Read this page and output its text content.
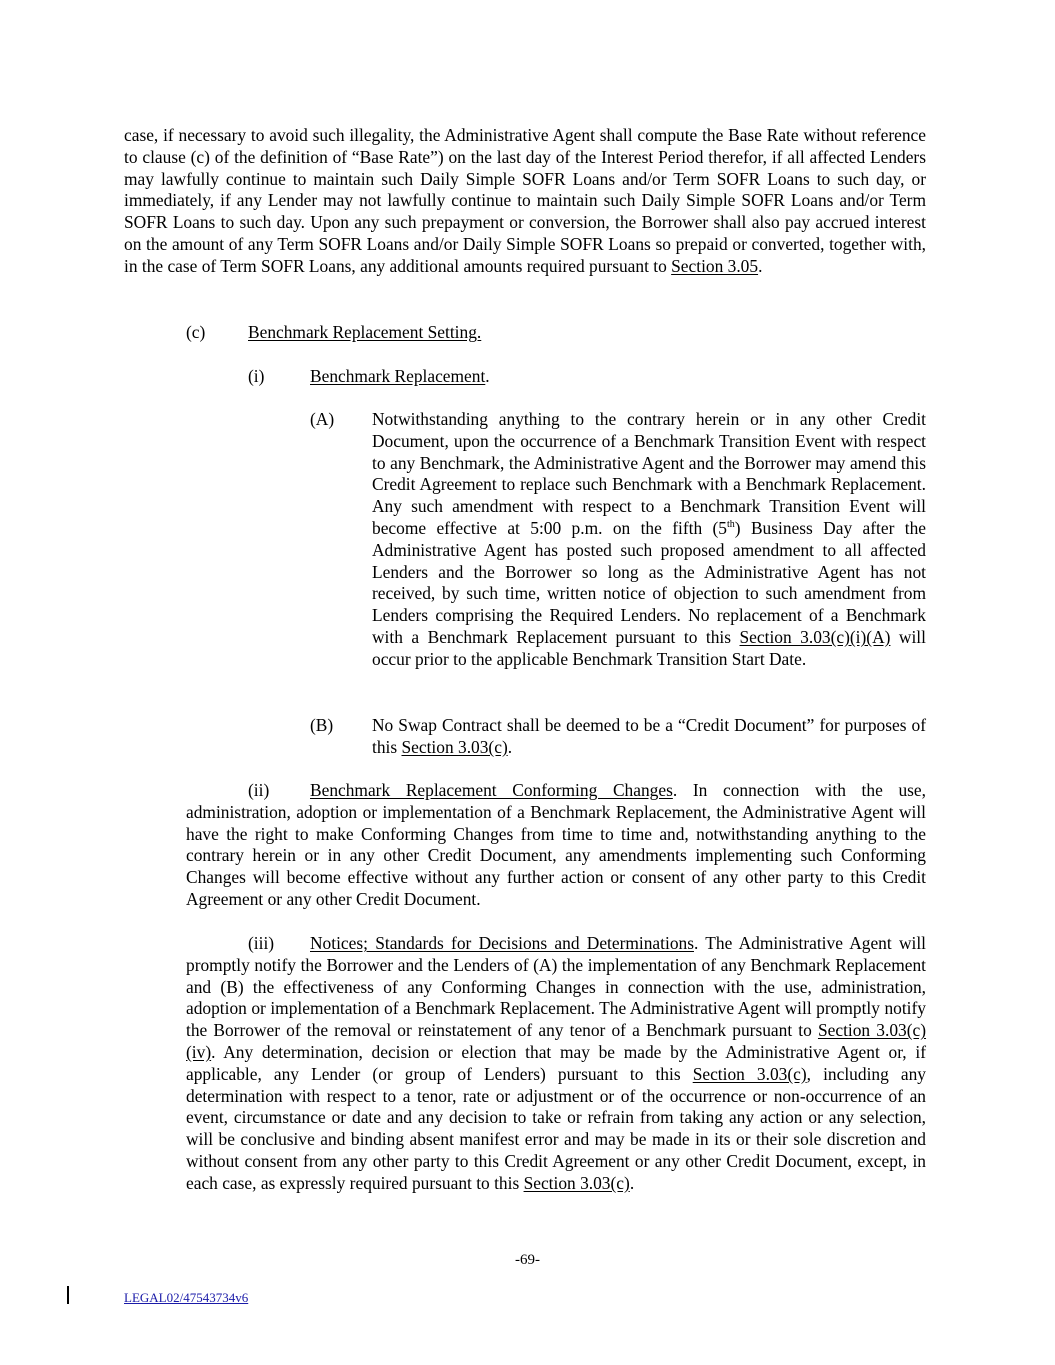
case, if necessary to avoid such illegality, the Administrative Agent shall compute the Base Rate without reference to clause (c) of the definition of “Base Rate”) on the last day of the Interest Period therefor, if all affected Lenders may lawfully continue to maintain such Daily Simple SOFR Loans and/or Term SOFR Loans to such day, or immediately, if any Lender may not lawfully continue to maintain such Daily Simple SOFR Loans and/or Term SOFR Loans to such day. Upon any such prepayment or conversion, the Borrower shall also pay accrued interest on the amount of any Term SOFR Loans and/or Daily Simple SOFR Loans so prepaid or converted, together with, in the case of Term SOFR Loans, any additional amounts required pursuant to Section 3.05.

(c) Benchmark Replacement Setting.
(i)	Benchmark Replacement.
(A) Notwithstanding anything to the contrary herein or in any other Credit Document, upon the occurrence of a Benchmark Transition Event with respect to any Benchmark, the Administrative Agent and the Borrower may amend this Credit Agreement to replace such Benchmark with a Benchmark Replacement. Any such amendment with respect to a Benchmark Transition Event will become effective at 5:00 p.m. on the fifth (5th) Business Day after the Administrative Agent has posted such proposed amendment to all affected Lenders and the Borrower so long as the Administrative Agent has not received, by such time, written notice of objection to such amendment from Lenders comprising the Required Lenders. No replacement of a Benchmark with a Benchmark Replacement pursuant to this Section 3.03(c)(i)(A) will occur prior to the applicable Benchmark Transition Start Date.

(B) No Swap Contract shall be deemed to be a “Credit Document” for purposes of this Section 3.03(c).

(ii) Benchmark Replacement Conforming Changes. In connection with the use, administration, adoption or implementation of a Benchmark Replacement, the Administrative Agent will have the right to make Conforming Changes from time to time and, notwithstanding anything to the contrary herein or in any other Credit Document, any amendments implementing such Conforming Changes will become effective without any further action or consent of any other party to this Credit Agreement or any other Credit Document.

(iii) Notices; Standards for Decisions and Determinations. The Administrative Agent will promptly notify the Borrower and the Lenders of (A) the implementation of any Benchmark Replacement and (B) the effectiveness of any Conforming Changes in connection with the use, administration, adoption or implementation of a Benchmark Replacement. The Administrative Agent will promptly notify the Borrower of the removal or reinstatement of any tenor of a Benchmark pursuant to Section 3.03(c)(iv). Any determination, decision or election that may be made by the Administrative Agent or, if applicable, any Lender (or group of Lenders) pursuant to this Section 3.03(c), including any determination with respect to a tenor, rate or adjustment or of the occurrence or non-occurrence of an event, circumstance or date and any decision to take or refrain from taking any action or any selection, will be conclusive and binding absent manifest error and may be made in its or their sole discretion and without consent from any other party to this Credit Agreement or any other Credit Document, except, in each case, as expressly required pursuant to this Section 3.03(c).

-69-
LEGAL02/47543734v6
